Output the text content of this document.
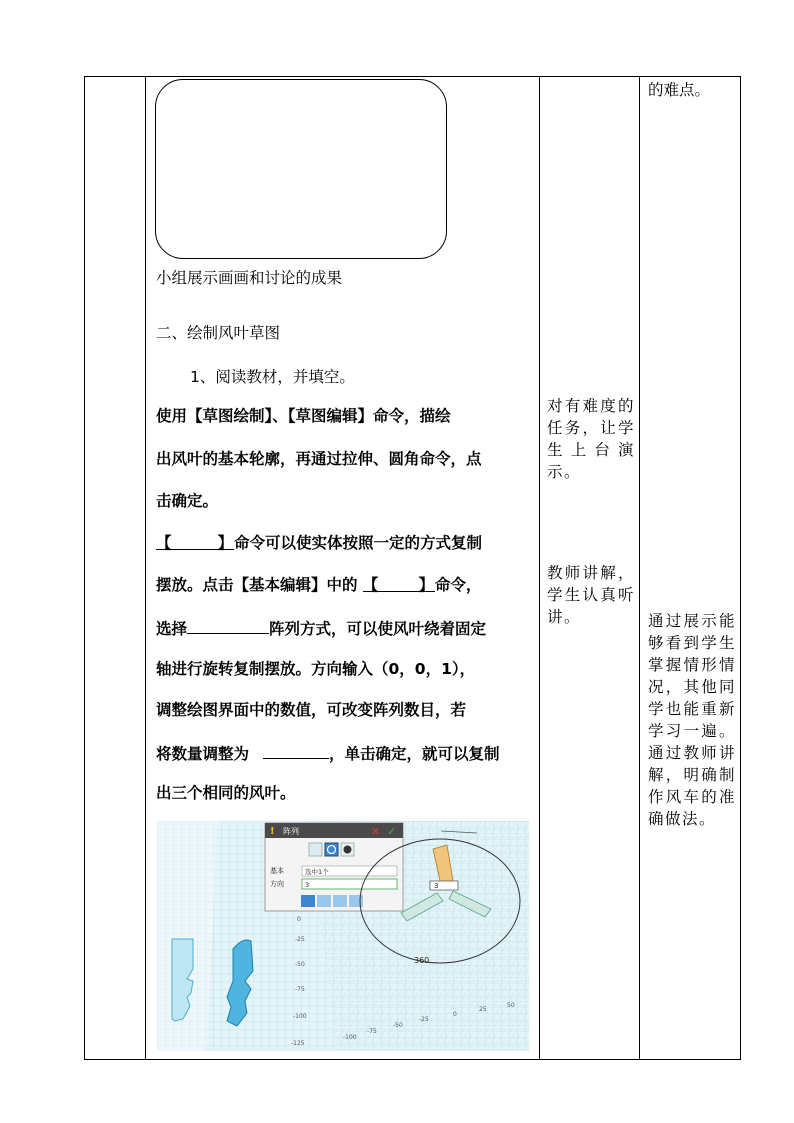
的难点。
小组展示画画和讨论的成果
二、绘制风叶草图
1、阅读教材，并填空。
使用【草图绘制】、【草图编辑】命令，描绘
出风叶的基本轮廓，再通过拉伸、圆角命令，点
击确定。
【	】命令可以使实体按照一定的方式复制
摆放。点击【基本编辑】中的 【	】命令，
选择	阵列方式，可以使风叶绕着固定
轴进行旋转复制摆放。方向输入（0，0，1），
调整绘图界面中的数值，可改变阵列数目，若
将数量调整为	，单击确定，就可以复制
出三个相同的风叶。
对有难度的任务，让学生上台演示。
教师讲解，学生认真听讲。	通过展示能够看到学生掌握情形情况，其他同学也能重新学习一遍。通过教师讲解，明确制作风车的准确做法。
! 阵列	✕ ✓
基本	选中1个
方向	3	3
360
0
-25
-50
-75
-100
-125
-100
-75
-50
-25
0
25
50
